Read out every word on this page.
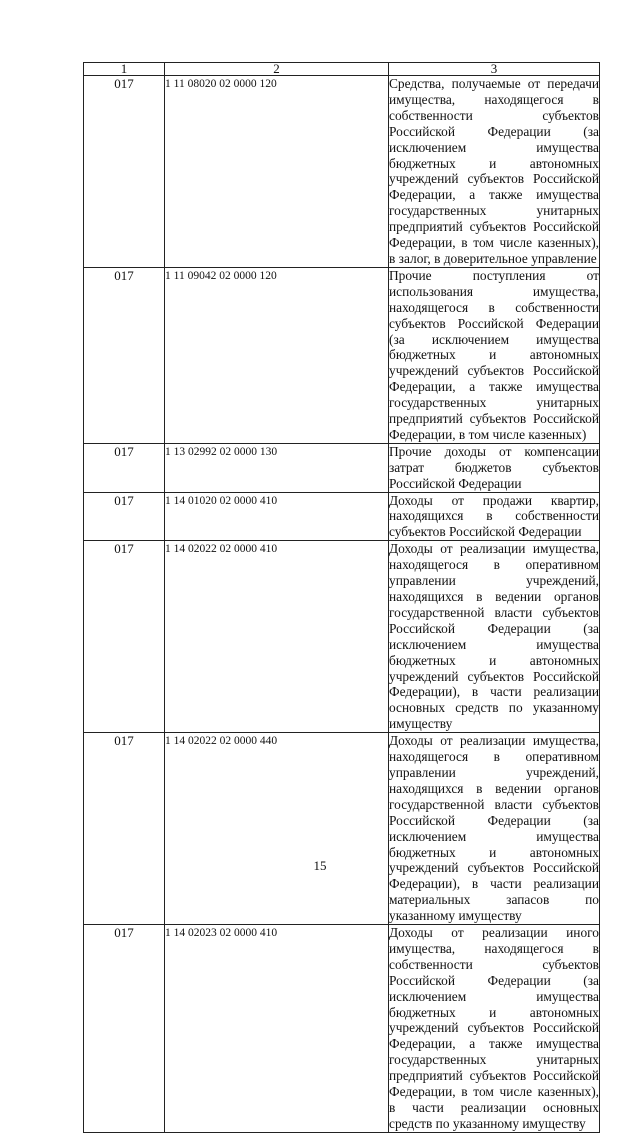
1	2	3
017	1 11 08020 02 0000 120	Средства, получаемые от передачи имущества, находящегося в собственности субъектов Российской Федерации (за исключением имущества бюджетных и автономных учреждений субъектов Российской Федерации, а также имущества государственных унитарных предприятий субъектов Российской Федерации, в том числе казенных), в залог, в доверительное управление
017	1 11 09042 02 0000 120	Прочие поступления от использования имущества, находящегося в собственности субъектов Российской Федерации (за исключением имущества бюджетных и автономных учреждений субъектов Российской Федерации, а также имущества государственных унитарных предприятий субъектов Российской Федерации, в том числе казенных)
017	1 13 02992 02 0000 130	Прочие доходы от компенсации затрат бюджетов субъектов Российской Федерации
017	1 14 01020 02 0000 410	Доходы от продажи квартир, находящихся в собственности субъектов Российской Федерации
017	1 14 02022 02 0000 410	Доходы от реализации имущества, находящегося в оперативном управлении учреждений, находящихся в ведении органов государственной власти субъектов Российской Федерации (за исключением имущества бюджетных и автономных учреждений субъектов Российской Федерации), в части реализации основных средств по указанному имуществу
017	1 14 02022 02 0000 440	Доходы от реализации имущества, находящегося в оперативном управлении учреждений, находящихся в ведении органов государственной власти субъектов Российской Федерации (за исключением имущества бюджетных и автономных учреждений субъектов Российской Федерации), в части реализации материальных запасов по указанному имуществу
017	1 14 02023 02 0000 410	Доходы от реализации иного имущества, находящегося в собственности субъектов Российской Федерации (за исключением имущества бюджетных и автономных учреждений субъектов Российской Федерации, а также имущества государственных унитарных предприятий субъектов Российской Федерации, в том числе казенных), в части реализации основных средств по указанному имуществу
15
